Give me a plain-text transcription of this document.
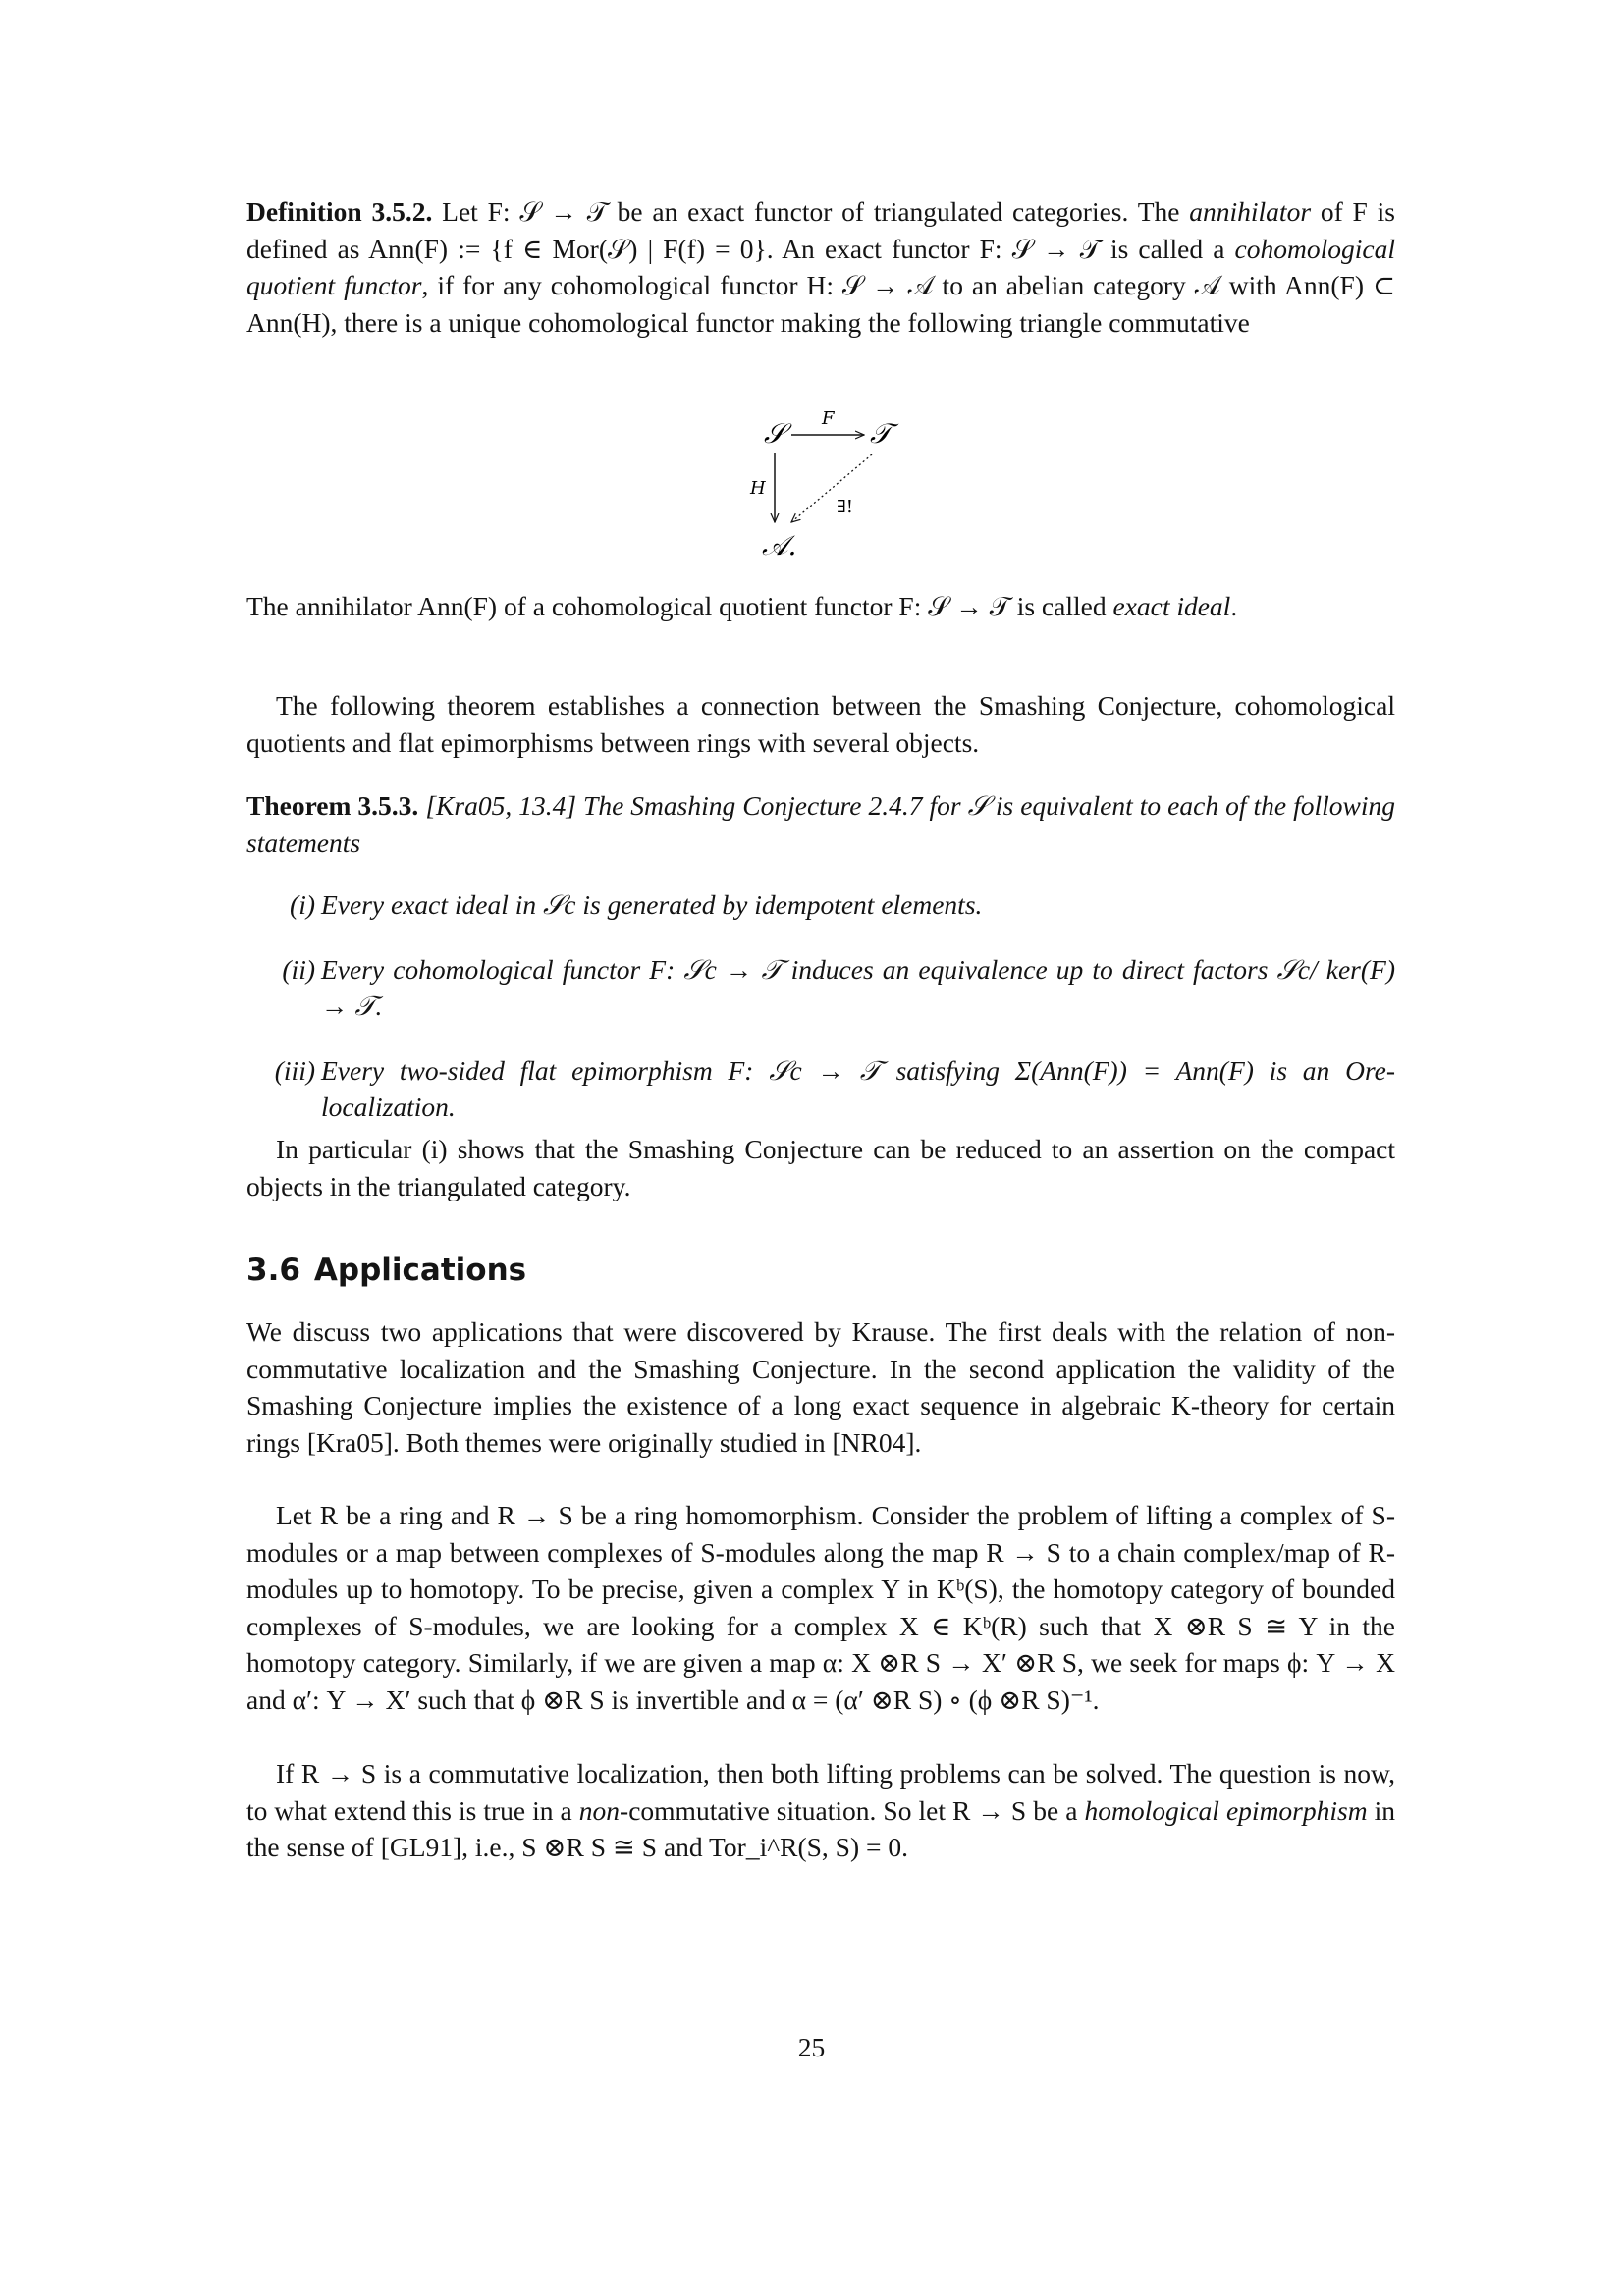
Definition 3.5.2. Let F: 𝒮 → 𝒯 be an exact functor of triangulated categories. The annihilator of F is defined as Ann(F) := {f ∈ Mor(𝒮) | F(f) = 0}. An exact functor F: 𝒮 → 𝒯 is called a cohomological quotient functor, if for any cohomological functor H: 𝒮 → 𝒜 to an abelian category 𝒜 with Ann(F) ⊂ Ann(H), there is a unique cohomological functor making the following triangle commutative

𝒮	F 𝒯
H
∃!
𝒜.

The annihilator Ann(F) of a cohomological quotient functor F: 𝒮 → 𝒯 is called exact ideal.

The following theorem establishes a connection between the Smashing Conjecture, cohomological quotients and flat epimorphisms between rings with several objects.

Theorem 3.5.3. [Kra05, 13.4] The Smashing Conjecture 2.4.7 for 𝒮 is equivalent to each of the following statements

(i) Every exact ideal in 𝒮c is generated by idempotent elements.
(ii) Every cohomological functor F: 𝒮c → 𝒯 induces an equivalence up to direct factors 𝒮c/ ker(F) → 𝒯.
(iii) Every two-sided flat epimorphism F: 𝒮c → 𝒯 satisfying Σ(Ann(F)) = Ann(F) is an Ore-localization.

In particular (i) shows that the Smashing Conjecture can be reduced to an assertion on the compact objects in the triangulated category.

3.6 Applications

We discuss two applications that were discovered by Krause. The first deals with the relation of non-commutative localization and the Smashing Conjecture. In the second application the validity of the Smashing Conjecture implies the existence of a long exact sequence in algebraic K-theory for certain rings [Kra05]. Both themes were originally studied in [NR04].

Let R be a ring and R → S be a ring homomorphism. Consider the problem of lifting a complex of S-modules or a map between complexes of S-modules along the map R → S to a chain complex/map of R-modules up to homotopy. To be precise, given a complex Y in Kᵇ(S), the homotopy category of bounded complexes of S-modules, we are looking for a complex X ∈ Kᵇ(R) such that X ⊗R S ≅ Y in the homotopy category. Similarly, if we are given a map α: X ⊗R S → X′ ⊗R S, we seek for maps ϕ: Y → X and α′: Y → X′ such that ϕ ⊗R S is invertible and α = (α′ ⊗R S) ∘ (ϕ ⊗R S)⁻¹.

If R → S is a commutative localization, then both lifting problems can be solved. The question is now, to what extend this is true in a non-commutative situation. So let R → S be a homological epimorphism in the sense of [GL91], i.e., S ⊗R S ≅ S and Tor_i^R(S, S) = 0.

25
